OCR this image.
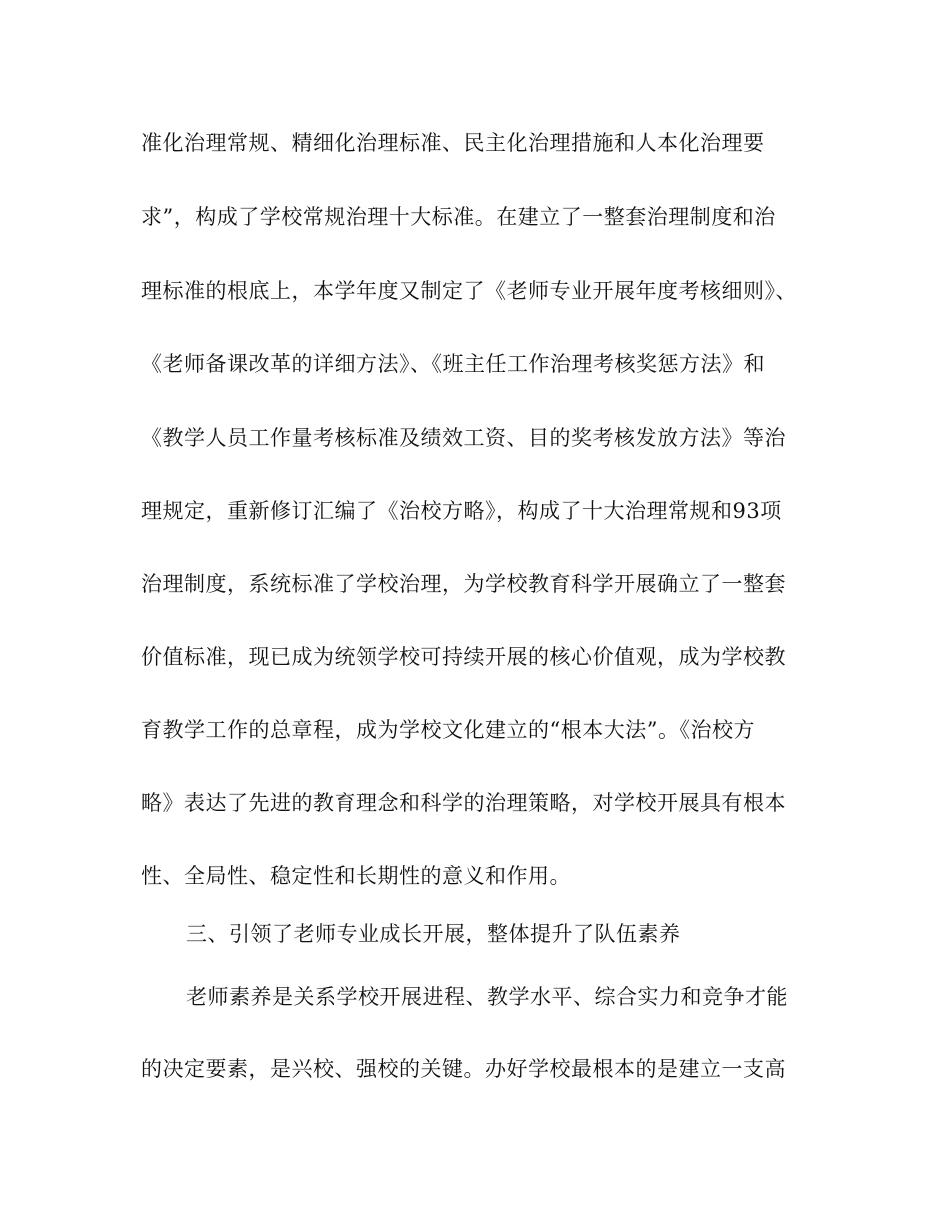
准化治理常规、精细化治理标准、民主化治理措施和人本化治理要
求”，构成了学校常规治理十大标准。在建立了一整套治理制度和治
理标准的根底上，本学年度又制定了《老师专业开展年度考核细则》、
《老师备课改革的详细方法》、《班主任工作治理考核奖惩方法》和
《教学人员工作量考核标准及绩效工资、目的奖考核发放方法》等治
理规定，重新修订汇编了《治校方略》，构成了十大治理常规和93项
治理制度，系统标准了学校治理，为学校教育科学开展确立了一整套
价值标准，现已成为统领学校可持续开展的核心价值观，成为学校教
育教学工作的总章程，成为学校文化建立的“根本大法”。《治校方
略》表达了先进的教育理念和科学的治理策略，对学校开展具有根本
性、全局性、稳定性和长期性的意义和作用。
三、引领了老师专业成长开展，整体提升了队伍素养
老师素养是关系学校开展进程、教学水平、综合实力和竞争才能
的决定要素，是兴校、强校的关键。办好学校最根本的是建立一支高
